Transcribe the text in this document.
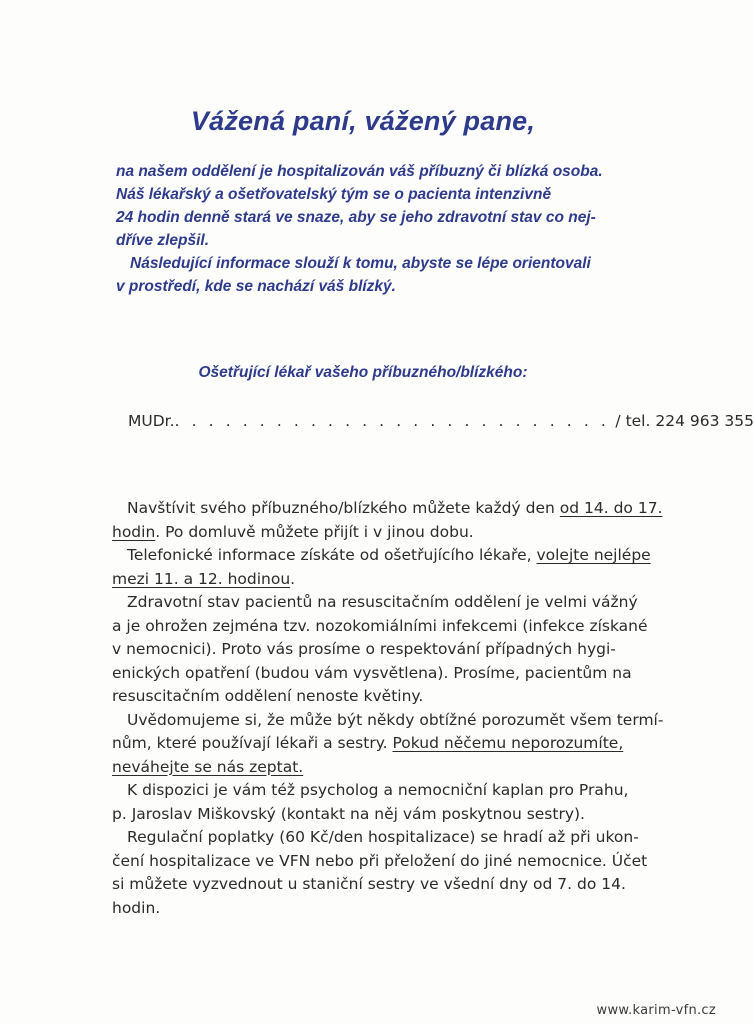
Vážená paní, vážený pane,
na našem oddělení je hospitalizován váš příbuzný či blízká osoba.
Náš lékařský a ošetřovatelský tým se o pacienta intenzivně
24 hodin denně stará ve snaze, aby se jeho zdravotní stav co nej-
dříve zlepšil.
Následující informace slouží k tomu, abyste se lépe orientovali
v prostředí, kde se nachází váš blízký.
Ošetřující lékař vašeho příbuzného/blízkého:
MUDr.. . . . . . . . . . . . . . . . . . . . . . . . . . / tel. 224 963 355
Navštívit svého příbuzného/blízkého můžete každý den od 14. do 17.
hodin. Po domluvě můžete přijít i v jinou dobu.
Telefonické informace získáte od ošetřujícího lékaře, volejte nejlépe
mezi 11. a 12. hodinou.
Zdravotní stav pacientů na resuscitačním oddělení je velmi vážný
a je ohrožen zejména tzv. nozokomiálními infekcemi (infekce získané
v nemocnici). Proto vás prosíme o respektování případných hygi-
enických opatření (budou vám vysvětlena). Prosíme, pacientům na
resuscitačním oddělení nenoste květiny.
Uvědomujeme si, že může být někdy obtížné porozumět všem termí-
nům, které používají lékaři a sestry. Pokud něčemu neporozumíte,
neváhejte se nás zeptat.
K dispozici je vám též psycholog a nemocniční kaplan pro Prahu,
p. Jaroslav Miškovský (kontakt na něj vám poskytnou sestry).
Regulační poplatky (60 Kč/den hospitalizace) se hradí až při ukon-
čení hospitalizace ve VFN nebo při přeložení do jiné nemocnice. Účet
si můžete vyzvednout u staniční sestry ve všední dny od 7. do 14.
hodin.
www.karim-vfn.cz
